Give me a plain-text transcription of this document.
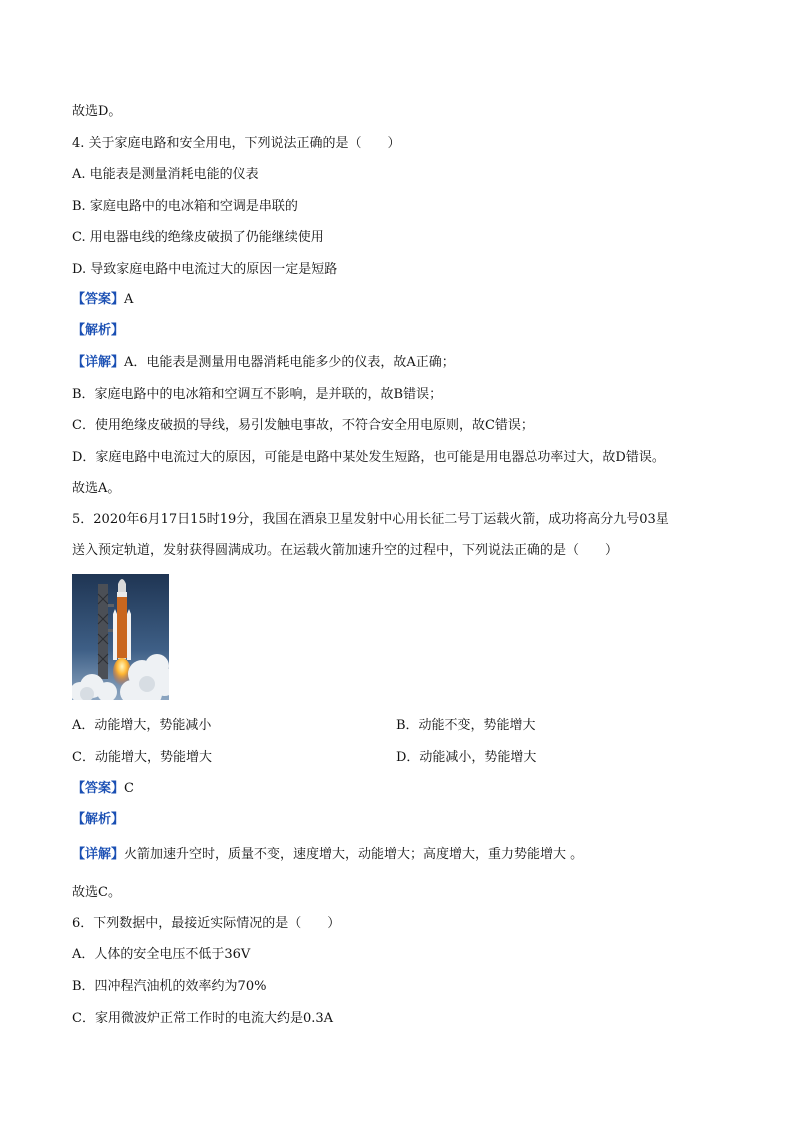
故选D。
4. 关于家庭电路和安全用电，下列说法正确的是（　　）
A. 电能表是测量消耗电能的仪表
B. 家庭电路中的电冰箱和空调是串联的
C. 用电器电线的绝缘皮破损了仍能继续使用
D. 导致家庭电路中电流过大的原因一定是短路
【答案】A
【解析】
【详解】A．电能表是测量用电器消耗电能多少的仪表，故A正确；
B．家庭电路中的电冰箱和空调互不影响，是并联的，故B错误；
C．使用绝缘皮破损的导线，易引发触电事故，不符合安全用电原则，故C错误；
D．家庭电路中电流过大的原因，可能是电路中某处发生短路，也可能是用电器总功率过大，故D错误。
故选A。
5．2020年6月17日15时19分，我国在酒泉卫星发射中心用长征二号丁运载火箭，成功将高分九号03星
送入预定轨道，发射获得圆满成功。在运载火箭加速升空的过程中，下列说法正确的是（　　）
A．动能增大，势能减小	B．动能不变，势能增大
C．动能增大，势能增大	D．动能减小，势能增大
【答案】C
【解析】
【详解】火箭加速升空时，质量不变，速度增大，动能增大；高度增大，重力势能增大 。
故选C。
6．下列数据中，最接近实际情况的是（　　）
A．人体的安全电压不低于36V
B．四冲程汽油机的效率约为70%
C．家用微波炉正常工作时的电流大约是0.3A
